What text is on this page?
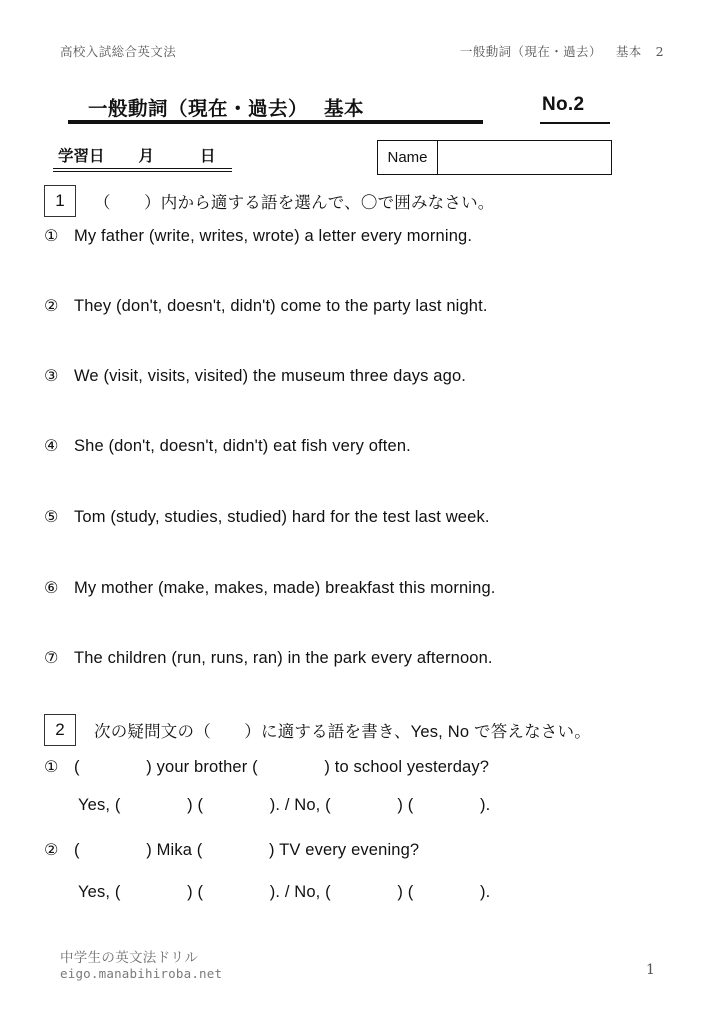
高校入試総合英文法	一般動詞（現在・過去） 基本 2
一般動詞（現在・過去） 基本	No.2
学習日 月	日	Name
1	（　　）内から適する語を選んで、〇で囲みなさい。
① My father (write, writes, wrote) a letter every morning.
② They (don't, doesn't, didn't) come to the party last night.
③ We (visit, visits, visited) the museum three days ago.
④ She (don't, doesn't, didn't) eat fish very often.
⑤ Tom (study, studies, studied) hard for the test last week.
⑥ My mother (make, makes, made) breakfast this morning.
⑦ The children (run, runs, ran) in the park every afternoon.
2	次の疑問文の（　　）に適する語を書き、Yes, No で答えなさい。
① (　　　　) your brother (　　　　) to school yesterday?
Yes, (　　　　) (　　　　). / No, (　　　　) (　　　　).
② (　　　　) Mika (　　　　) TV every evening?
Yes, (　　　　) (　　　　). / No, (　　　　) (　　　　).
中学生の英文法ドリル
eigo.manabihiroba.net	1
